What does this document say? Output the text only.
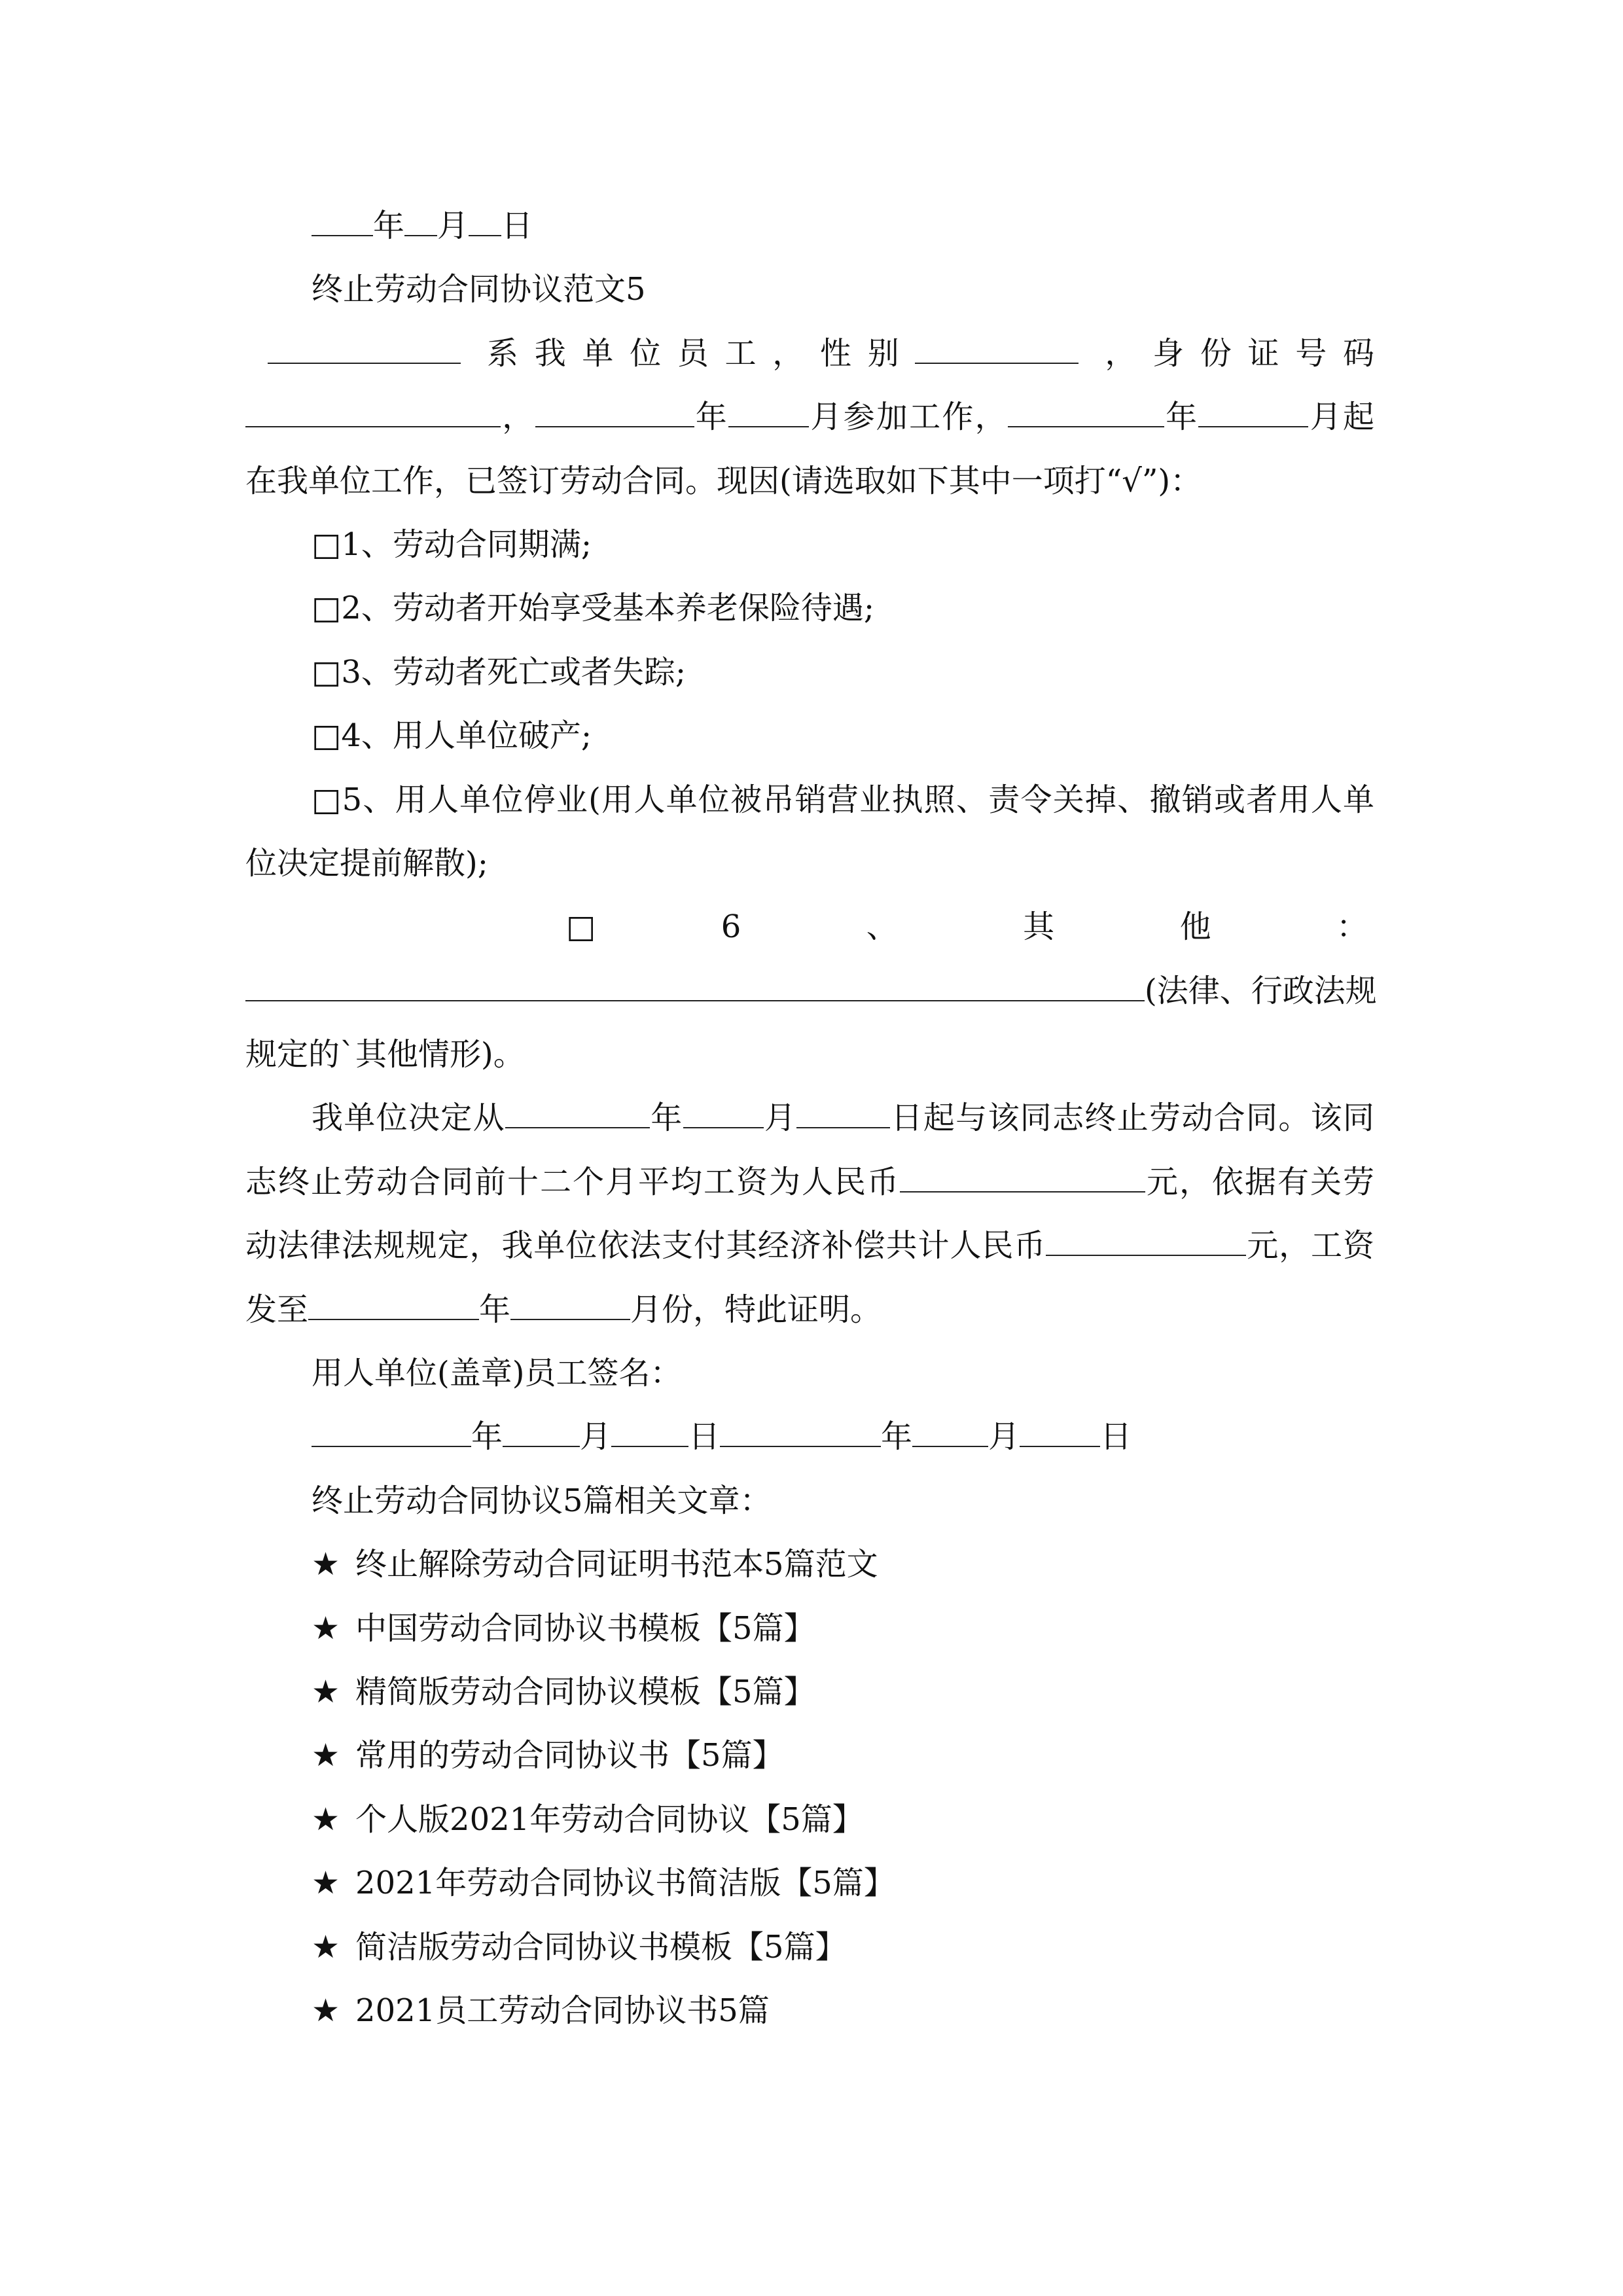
年 月 日
终止劳动合同协议范文5
系我单位员工，性别	，身份证号码
，	年	月参加工作，	年	月起
在我单位工作，已签订劳动合同。现因(请选取如下其中一项打“√”)：
□1、劳动合同期满;
□2、劳动者开始享受基本养老保险待遇;
□3、劳动者死亡或者失踪;
□4、用人单位破产;
□5、用人单位停业(用人单位被吊销营业执照、责令关掉、撤销或者用人单
位决定提前解散);
□	6	、	其	他	：
(法律、行政法规
规定的`其他情形)。
我单位决定从	年	月	日起与该同志终止劳动合同。该同
志终止劳动合同前十二个月平均工资为人民币	元，依据有关劳
动法律法规规定，我单位依法支付其经济补偿共计人民币	元，工资
发至	年	月份，特此证明。
用人单位(盖章)员工签名：
年 月 日	年 月	日
终止劳动合同协议5篇相关文章：
★ 终止解除劳动合同证明书范本5篇范文
★ 中国劳动合同协议书模板【5篇】
★ 精简版劳动合同协议模板【5篇】
★ 常用的劳动合同协议书【5篇】
★ 个人版2021年劳动合同协议【5篇】
★ 2021年劳动合同协议书简洁版【5篇】
★ 简洁版劳动合同协议书模板【5篇】
★ 2021员工劳动合同协议书5篇
